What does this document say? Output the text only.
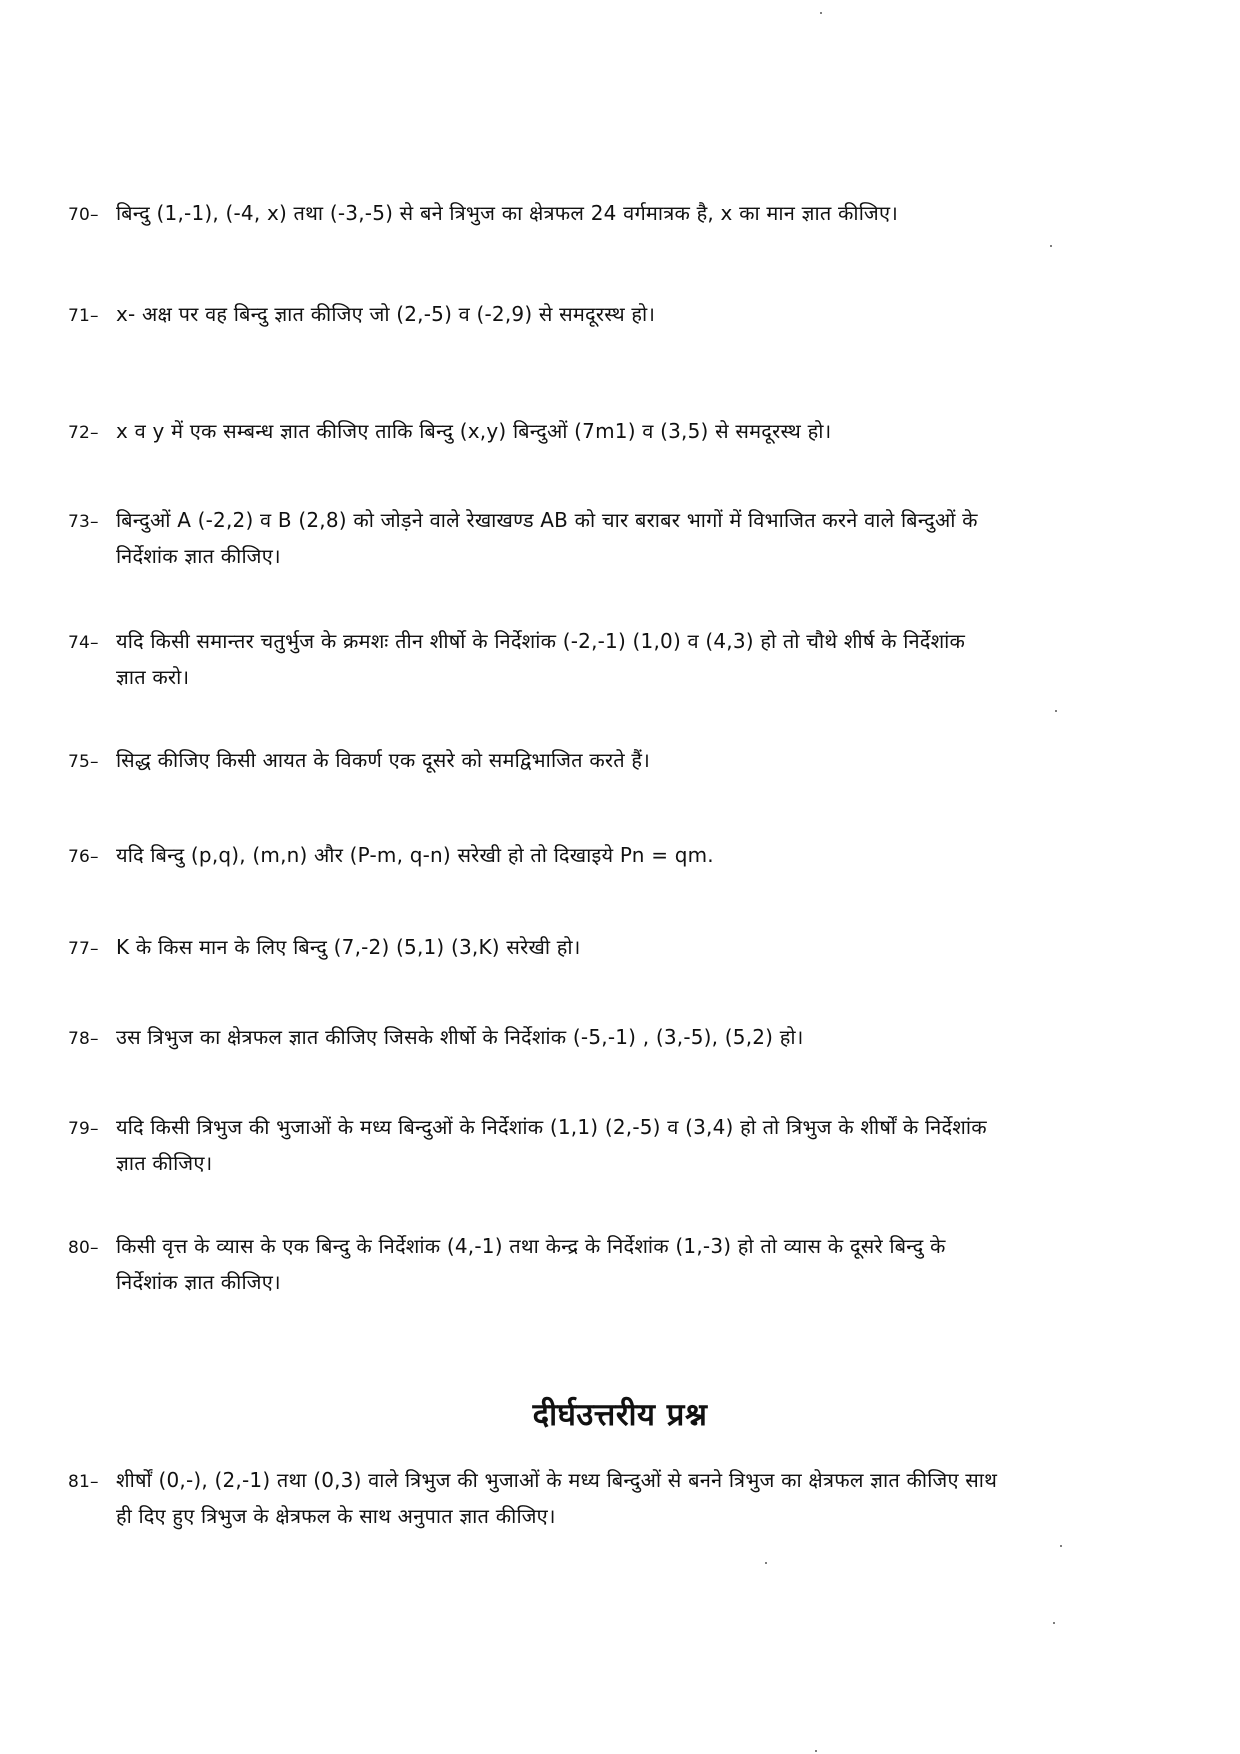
70– बिन्दु (1,-1), (-4, x) तथा (-3,-5) से बने त्रिभुज का क्षेत्रफल 24 वर्गमात्रक है, x का मान ज्ञात कीजिए।
71– x- अक्ष पर वह बिन्दु ज्ञात कीजिए जो (2,-5) व (-2,9) से समदूरस्थ हो।
72– x व y में एक सम्बन्ध ज्ञात कीजिए ताकि बिन्दु (x,y) बिन्दुओं (7m1) व (3,5) से समदूरस्थ हो।
73– बिन्दुओं A (-2,2) व B (2,8) को जोड़ने वाले रेखाखण्ड AB को चार बराबर भागों में विभाजित करने वाले बिन्दुओं के
निर्देशांक ज्ञात कीजिए।
74– यदि किसी समान्तर चतुर्भुज के क्रमशः तीन शीर्षो के निर्देशांक (-2,-1) (1,0) व (4,3) हो तो चौथे शीर्ष के निर्देशांक
ज्ञात करो।
75– सिद्ध कीजिए किसी आयत के विकर्ण एक दूसरे को समद्विभाजित करते हैं।
76– यदि बिन्दु (p,q), (m,n) और (P-m, q-n) सरेखी हो तो दिखाइये Pn = qm.
77– K के किस मान के लिए बिन्दु (7,-2) (5,1) (3,K) सरेखी हो।
78– उस त्रिभुज का क्षेत्रफल ज्ञात कीजिए जिसके शीर्षो के निर्देशांक (-5,-1) , (3,-5), (5,2) हो।
79– यदि किसी त्रिभुज की भुजाओं के मध्य बिन्दुओं के निर्देशांक (1,1) (2,-5) व (3,4) हो तो त्रिभुज के शीर्षों के निर्देशांक
ज्ञात कीजिए।
80– किसी वृत्त के व्यास के एक बिन्दु के निर्देशांक (4,-1) तथा केन्द्र के निर्देशांक (1,-3) हो तो व्यास के दूसरे बिन्दु के
निर्देशांक ज्ञात कीजिए।
दीर्घउत्तरीय प्रश्न
81– शीर्षों (0,-), (2,-1) तथा (0,3) वाले त्रिभुज की भुजाओं के मध्य बिन्दुओं से बनने त्रिभुज का क्षेत्रफल ज्ञात कीजिए साथ
ही दिए हुए त्रिभुज के क्षेत्रफल के साथ अनुपात ज्ञात कीजिए।
